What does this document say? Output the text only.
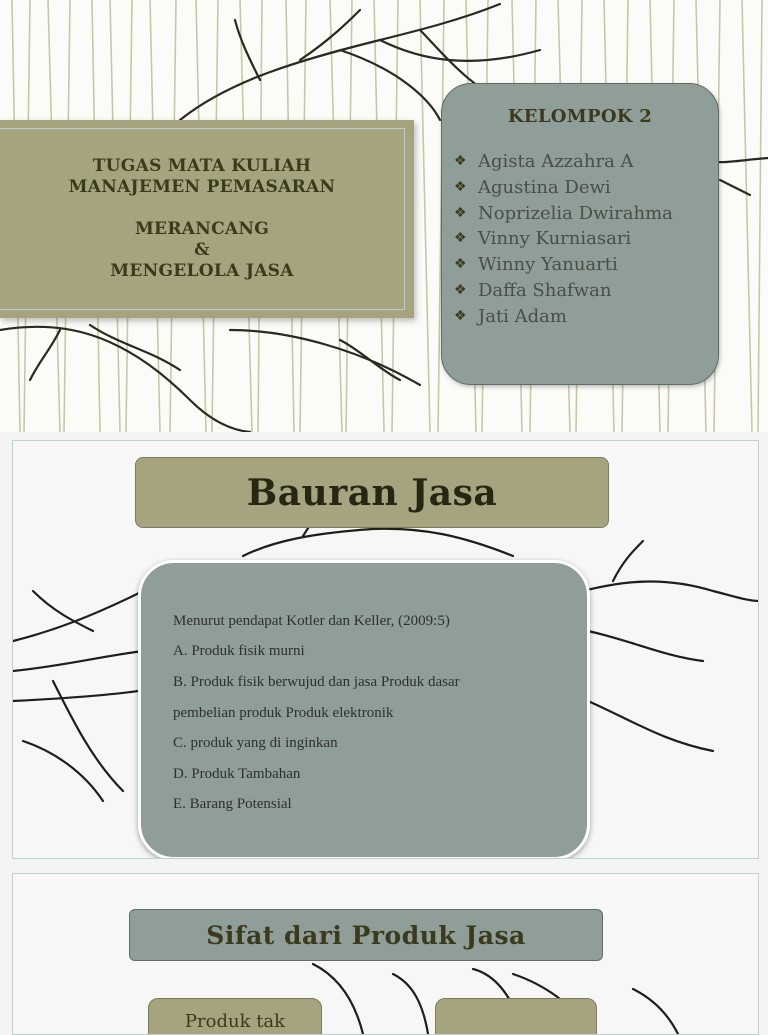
TUGAS MATA KULIAH
MANAJEMEN PEMASARAN
MERANCANG
&
MENGELOLA JASA
KELOMPOK 2
❖ Agista Azzahra A
❖ Agustina Dewi
❖ Noprizelia Dwirahma
❖ Vinny Kurniasari
❖ Winny Yanuarti
❖ Daffa Shafwan
❖ Jati Adam
Bauran Jasa

Menurut pendapat Kotler dan Keller, (2009:5)

A. Produk fisik murni

B. Produk fisik berwujud dan jasa Produk dasar

pembelian produk Produk elektronik

C. produk yang di inginkan

D. Produk Tambahan

E. Barang Potensial

Sifat dari Produk Jasa
Produk tak
